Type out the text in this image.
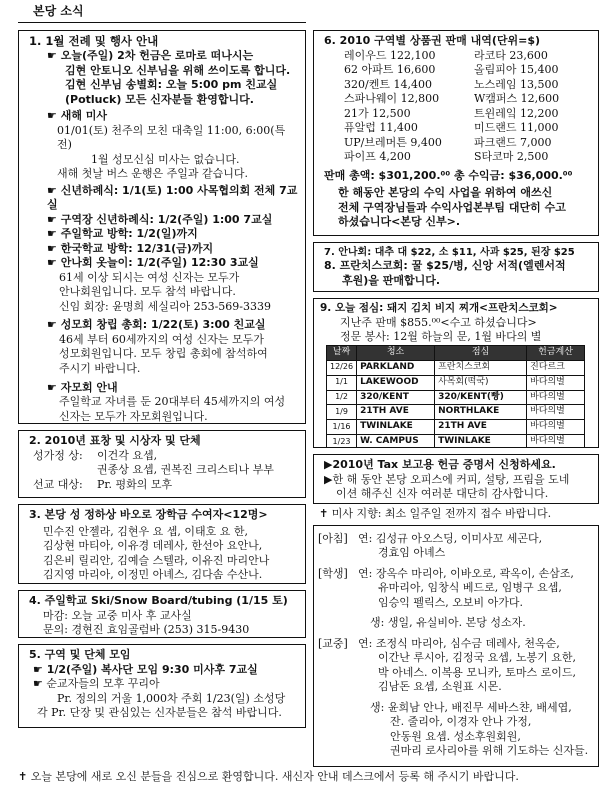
본당 소식
1. 1월 전례 및 행사 안내
☛ 오늘(주일) 2차 헌금은 로마로 떠나시는
김현 안토니오 신부님을 위해 쓰이도록 합니다.
김현 신부님 송별회: 오늘 5:00 pm 친교실
(Potluck) 모든 신자분들 환영합니다.
☛ 새해 미사
01/01(토) 천주의 모친 대축일 11:00, 6:00(특전)
1월 성모신심 미사는 없습니다.
새해 첫날 버스 운행은 주일과 같습니다.
☛ 신년하례식: 1/1(토) 1:00 사목협의회 전체 7교실
☛ 구역장 신년하례식: 1/2(주일) 1:00 7교실
☛ 주일학교 방학: 1/2(일)까지
☛ 한국학교 방학: 12/31(금)까지
☛ 안나회 옷늘이: 1/2(주일) 12:30 3교실
61세 이상 되시는 여성 신자는 모두가
안나회원입니다. 모두 참석 바랍니다.
신임 회장: 윤명희 세실리아 253-569-3339
☛ 성모회 창립 총회: 1/22(토) 3:00 친교실
46세 부터 60세까지의 여성 신자는 모두가
성모회원입니다. 모두 창립 총회에 참석하여
주시기 바랍니다.
☛ 자모회 안내
주일학교 자녀를 둔 20대부터 45세까지의 여성
신자는 모두가 자모회원입니다.
2. 2010년 표창 및 시상자 및 단체
성가정 상:	이건각 요셉,
권종상 요셉, 권복진 크리스티나 부부
선교 대상:	Pr. 평화의 모후
3. 본당 성 정하상 바오로 장학금 수여자<12명>
민수진 안젤라, 김현우 요 셉, 이태호 요 한,
김상현 마티아, 이유경 데레사, 한선아 요안나,
김은비 릴리안, 김예슬 스텔라, 이유진 마리안나
김지영 마리아, 이정민 아녜스, 김다솜 수산나.
4. 주일학교 Ski/Snow Board/tubing (1/15 토)
마감: 오늘 교중 미사 후 교사실
문의: 경현진 효임골럼바 (253) 315-9430
5. 구역 및 단체 모임
☛ 1/2(주일) 복사단 모임 9:30 미사후 7교실
☛ 순교자들의 모후 꾸리아
Pr. 정의의 거울 1,000차 주회 1/23(일) 소성당
각 Pr. 단장 및 관심있는 신자분들은 참석 바랍니다.
6. 2010 구역별 상품권 판매 내역(단위=$)
레이우드 122,100	라코타 23,600
62 아파트 16,600	올림피아 15,400
320/켄트 14,400	노스레임 13,500
스파나웨이 12,800	W캠퍼스 12,600
21가 12,500	트윈레잌 12,200
퓨알럽 11,400	미드랜드 11,000
UP/브레머튼 9,400	파크랜드 7,000
파이프 4,200	S타코마 2,500
판매 총액: $301,200.⁰⁰ 총 수익금: $36,000.⁰⁰
한 해동안 본당의 수익 사업을 위하여 애쓰신
전체 구역장님들과 수익사업본부팀 대단히 수고
하셨습니다<본당 신부>.
7. 안나회: 대추 대 $22, 소 $11, 사과 $25, 된장 $25
8. 프란치스코회: 꿀 $25/병, 신앙 서적(엘렌서적
후원)을 판매합니다.
9. 오늘 점심: 돼지 김치 비지 찌개<프란치스코회>
지난주 판매 $855.⁰⁰<수고 하셨습니다>
정문 봉사: 12월 하늘의 문, 1월 바다의 별
날짜	청소	점심	헌금계산
12/26	PARKLAND	프란치스코회	진다르크
1/1	LAKEWOOD	사목회(떡국)	바다의별
1/2	320/KENT	320/KENT(빵)	바다의별
1/9	21TH AVE	NORTHLAKE	바다의별
1/16	TWINLAKE	21TH AVE	바다의별
1/23	W. CAMPUS	TWINLAKE	바다의별

▶2010년 Tax 보고용 헌금 증명서 신청하세요.
▶한 해 동안 본당 오피스에 커피, 설탕, 프림을 도네
이션 해주신 신자 여러분 대단히 감사합니다.
✝ 미사 지향: 최소 일주일 전까지 접수 바랍니다.
[아침] 연: 김성규 아오스딩, 이미사꼬 세곤다,
경효임 아녜스
[학생] 연: 장옥수 마리아, 이바오로, 곽옥이, 손삼조,
유마리아, 임창식 베드로, 임병구 요셉,
임승익 펠릭스, 오보비 아가다.
생: 생일, 유실비아. 본당 성소자.
[교중] 연: 조정식 마리아, 심수금 데레사, 천옥순,
이간난 루시아, 김정국 요셉, 노봉기 요한,
박 아네스. 이복용 모니카, 토마스 로이드,
김남돈 요셉, 소원표 시몬.
생: 윤희남 안나, 배진무 세바스챤, 배세엽,
잔. 줄리아, 이경자 안나 가정,
안동원 요셉. 성소후원회원,
권마리 로사리아를 위해 기도하는 신자들.
✝ 오늘 본당에 새로 오신 분들을 진심으로 환영합니다. 새신자 안내 데스크에서 등록 해 주시기 바랍니다.
